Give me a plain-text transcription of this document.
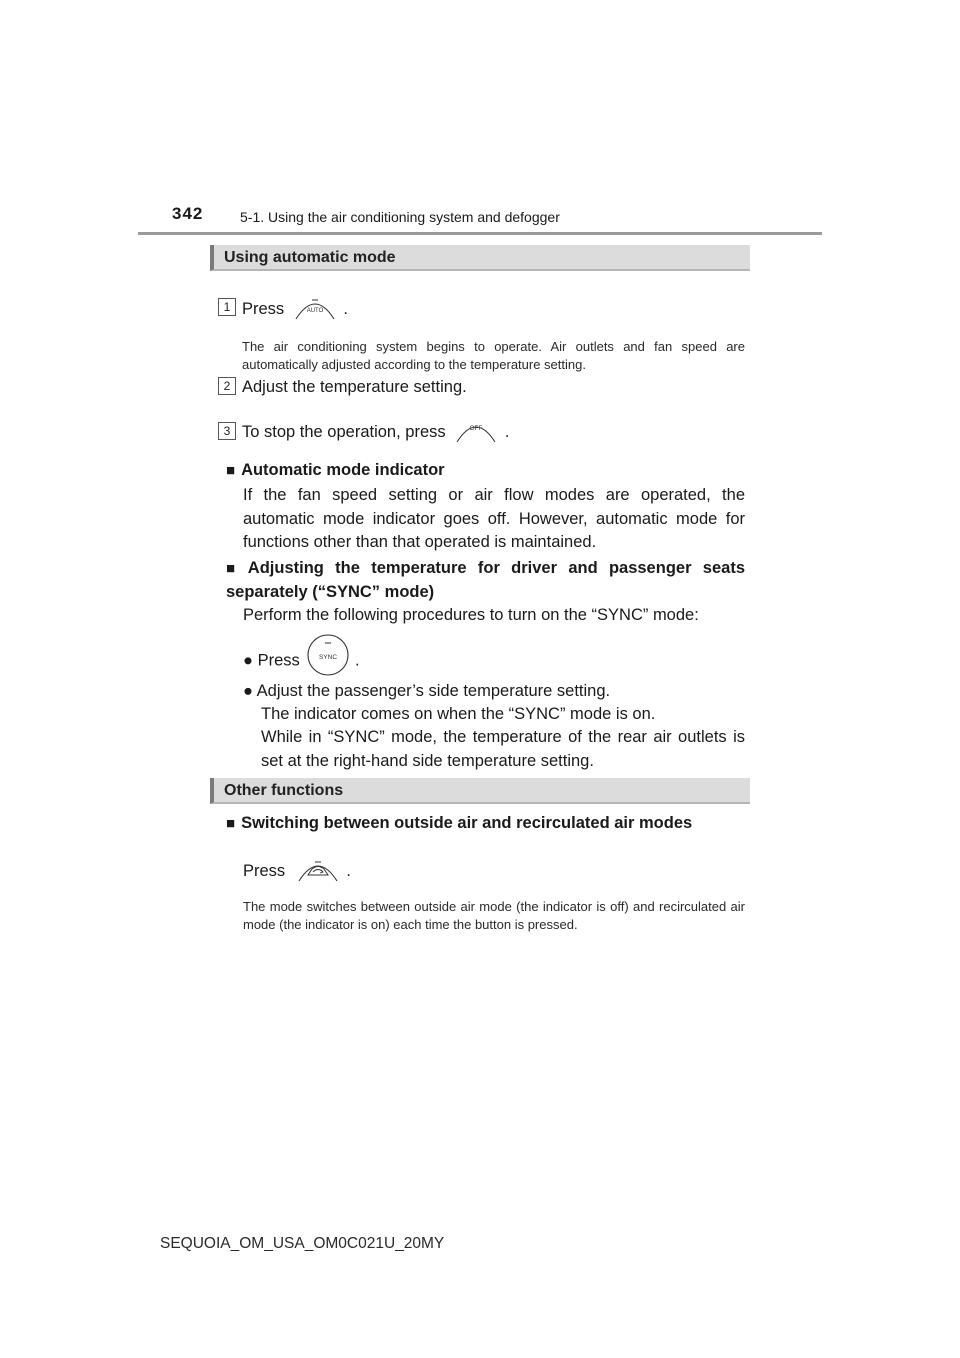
342	5-1. Using the air conditioning system and defogger
Using automatic mode
1 Press	AUTO .
The air conditioning system begins to operate. Air outlets and fan speed are automatically adjusted according to the temperature setting.
2 Adjust the temperature setting.
3 To stop the operation, press	OFF .
■ Automatic mode indicator
If the fan speed setting or air flow modes are operated, the automatic mode indicator goes off. However, automatic mode for functions other than that operated is maintained.
■ Adjusting the temperature for driver and passenger seats separately (“SYNC” mode)
Perform the following procedures to turn on the “SYNC” mode:
● Press	SYNC .
● Adjust the passenger’s side temperature setting.
The indicator comes on when the “SYNC” mode is on.
While in “SYNC” mode, the temperature of the rear air outlets is set at the right-hand side temperature setting.
Other functions
■ Switching between outside air and recirculated air modes
Press	.
The mode switches between outside air mode (the indicator is off) and recirculated air mode (the indicator is on) each time the button is pressed.
SEQUOIA_OM_USA_OM0C021U_20MY
